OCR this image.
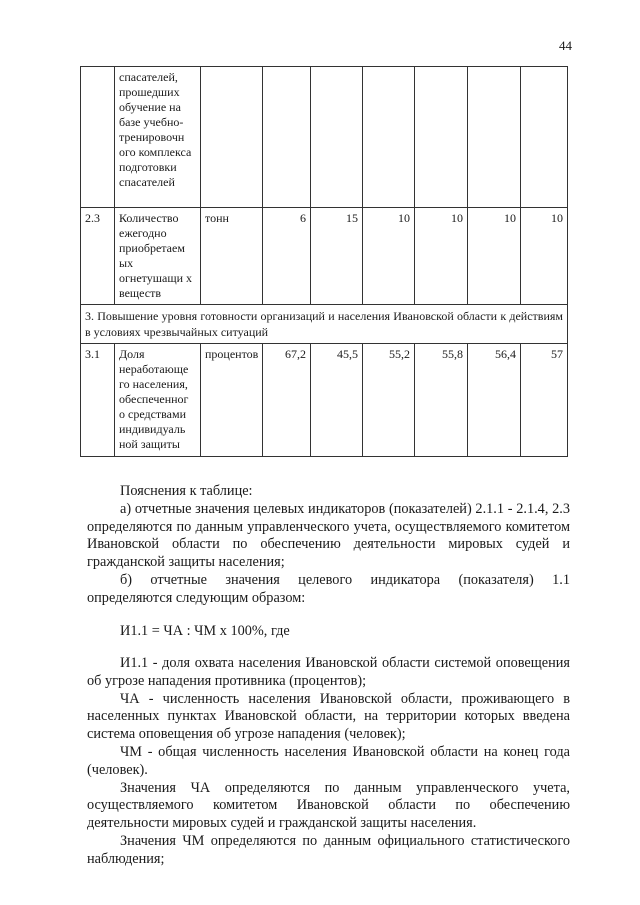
44
	спасателей, прошедших обучение на базе учебно-тренировочн ого комплекса подготовки спасателей							
2.3	Количество ежегодно приобретаем ых огнетушащи х веществ	тонн	6	15	10	10	10	10
3. Повышение уровня готовности организаций и населения Ивановской области к действиям в условиях чрезвычайных ситуаций								
3.1	Доля неработающе го населения, обеспеченног о средствами индивидуаль ной защиты	процентов	67,2	45,5	55,2	55,8	56,4	57

Пояснения к таблице:

а) отчетные значения целевых индикаторов (показателей) 2.1.1 - 2.1.4, 2.3 определяются по данным управленческого учета, осуществляемого комитетом Ивановской области по обеспечению деятельности мировых судей и гражданской защиты населения;

б) отчетные значения целевого индикатора (показателя) 1.1 определяются следующим образом:

И1.1 = ЧА : ЧМ х 100%, где

И1.1 - доля охвата населения Ивановской области системой оповещения об угрозе нападения противника (процентов);

ЧА - численность населения Ивановской области, проживающего в населенных пунктах Ивановской области, на территории которых введена система оповещения об угрозе нападения (человек);

ЧМ - общая численность населения Ивановской области на конец года (человек).

Значения ЧА определяются по данным управленческого учета, осуществляемого комитетом Ивановской области по обеспечению деятельности мировых судей и гражданской защиты населения.

Значения ЧМ определяются по данным официального статистического наблюдения;
